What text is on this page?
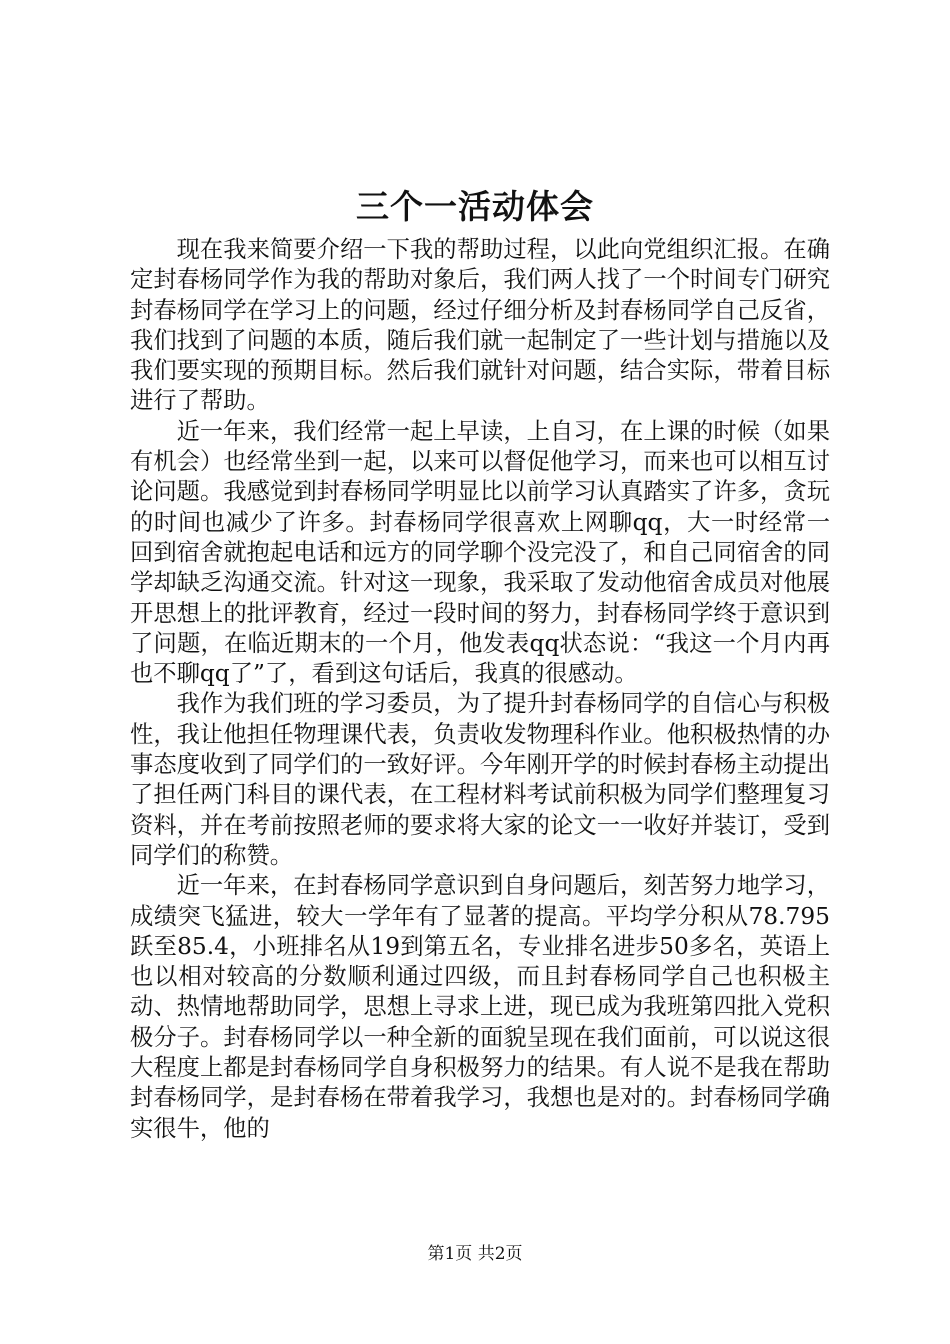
三个一活动体会

现在我来简要介绍一下我的帮助过程，以此向党组织汇报。在确定封春杨同学作为我的帮助对象后，我们两人找了一个时间专门研究封春杨同学在学习上的问题，经过仔细分析及封春杨同学自己反省，我们找到了问题的本质，随后我们就一起制定了一些计划与措施以及我们要实现的预期目标。然后我们就针对问题，结合实际，带着目标进行了帮助。

近一年来，我们经常一起上早读，上自习，在上课的时候（如果有机会）也经常坐到一起，以来可以督促他学习，而来也可以相互讨论问题。我感觉到封春杨同学明显比以前学习认真踏实了许多，贪玩的时间也减少了许多。封春杨同学很喜欢上网聊qq，大一时经常一回到宿舍就抱起电话和远方的同学聊个没完没了，和自己同宿舍的同学却缺乏沟通交流。针对这一现象，我采取了发动他宿舍成员对他展开思想上的批评教育，经过一段时间的努力，封春杨同学终于意识到了问题，在临近期末的一个月，他发表qq状态说：“我这一个月内再也不聊qq了”了，看到这句话后，我真的很感动。

我作为我们班的学习委员，为了提升封春杨同学的自信心与积极性，我让他担任物理课代表，负责收发物理科作业。他积极热情的办事态度收到了同学们的一致好评。今年刚开学的时候封春杨主动提出了担任两门科目的课代表，在工程材料考试前积极为同学们整理复习资料，并在考前按照老师的要求将大家的论文一一收好并装订，受到同学们的称赞。

近一年来，在封春杨同学意识到自身问题后，刻苦努力地学习，成绩突飞猛进，较大一学年有了显著的提高。平均学分积从78.795跃至85.4，小班排名从19到第五名，专业排名进步50多名，英语上也以相对较高的分数顺利通过四级，而且封春杨同学自己也积极主动、热情地帮助同学，思想上寻求上进，现已成为我班第四批入党积极分子。封春杨同学以一种全新的面貌呈现在我们面前，可以说这很大程度上都是封春杨同学自身积极努力的结果。有人说不是我在帮助封春杨同学，是封春杨在带着我学习，我想也是对的。封春杨同学确实很牛，他的

第1页 共2页
